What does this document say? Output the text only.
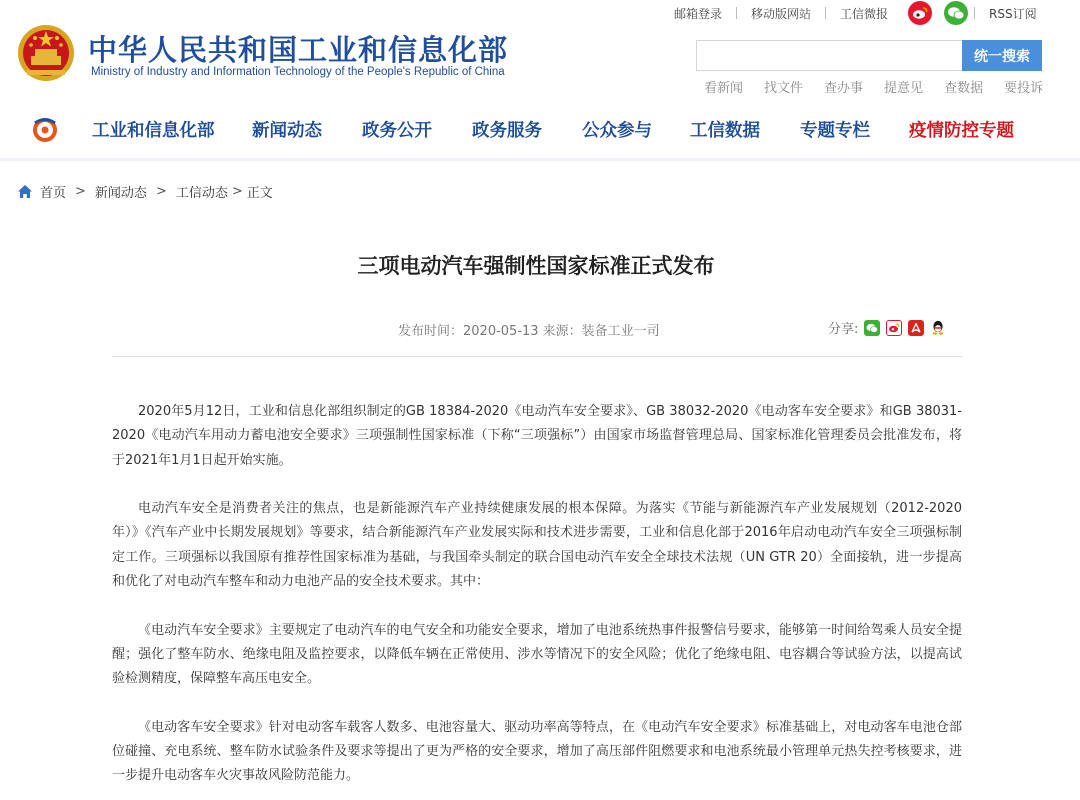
中华人民共和国工业和信息化部
Ministry of Industry and Information Technology of the People's Republic of China
邮箱登录	移动版网站	工信微报	RSS订阅
统一搜索
看新闻 找文件 查办事 提意见 查数据 要投诉
工业和信息化部 新闻动态 政务公开 政务服务 公众参与 工信数据 专题专栏 疫情防控专题
首页 > 新闻动态 > 工信动态 > 正文
三项电动汽车强制性国家标准正式发布
发布时间：2020-05-13 来源：装备工业一司	分享:

2020年5月12日，工业和信息化部组织制定的GB 18384-2020《电动汽车安全要求》、GB 38032-2020《电动客车安全要求》和GB 38031-2020《电动汽车用动力蓄电池安全要求》三项强制性国家标准（下称“三项强标”）由国家市场监督管理总局、国家标准化管理委员会批准发布，将于2021年1月1日起开始实施。

电动汽车安全是消费者关注的焦点，也是新能源汽车产业持续健康发展的根本保障。为落实《节能与新能源汽车产业发展规划（2012-2020年）》《汽车产业中长期发展规划》等要求，结合新能源汽车产业发展实际和技术进步需要，工业和信息化部于2016年启动电动汽车安全三项强标制定工作。三项强标以我国原有推荐性国家标准为基础，与我国牵头制定的联合国电动汽车安全全球技术法规（UN GTR 20）全面接轨，进一步提高和优化了对电动汽车整车和动力电池产品的安全技术要求。其中：

《电动汽车安全要求》主要规定了电动汽车的电气安全和功能安全要求，增加了电池系统热事件报警信号要求，能够第一时间给驾乘人员安全提醒；强化了整车防水、绝缘电阻及监控要求，以降低车辆在正常使用、涉水等情况下的安全风险；优化了绝缘电阻、电容耦合等试验方法，以提高试验检测精度，保障整车高压电安全。

《电动客车安全要求》针对电动客车载客人数多、电池容量大、驱动功率高等特点，在《电动汽车安全要求》标准基础上，对电动客车电池仓部位碰撞、充电系统、整车防水试验条件及要求等提出了更为严格的安全要求，增加了高压部件阻燃要求和电池系统最小管理单元热失控考核要求，进一步提升电动客车火灾事故风险防范能力。
